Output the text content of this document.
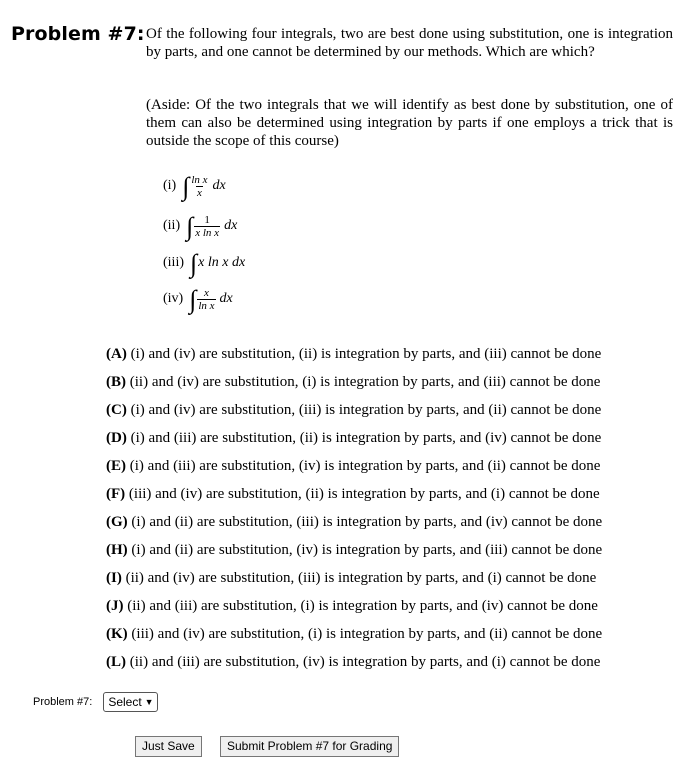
Problem #7: Of the following four integrals, two are best done using substitution, one is integration by parts, and one cannot be determined by our methods. Which are which?
(Aside: Of the two integrals that we will identify as best done by substitution, one of them can also be determined using integration by parts if one employs a trick that is outside the scope of this course)
(i) ∫ $\frac{\text{ln x}}{x}$ dx
(ii) ∫ $\frac{1}{\text{x ln x}}$ dx
(iii) ∫ x ln x dx
(iv) ∫ $\frac{x}{\text{ln x}}$ dx
(A) (i) and (iv) are substitution, (ii) is integration by parts, and (iii) cannot be done
(B) (ii) and (iv) are substitution, (i) is integration by parts, and (iii) cannot be done
(C) (i) and (iv) are substitution, (iii) is integration by parts, and (ii) cannot be done
(D) (i) and (iii) are substitution, (ii) is integration by parts, and (iv) cannot be done
(E) (i) and (iii) are substitution, (iv) is integration by parts, and (ii) cannot be done
(F) (iii) and (iv) are substitution, (ii) is integration by parts, and (i) cannot be done
(G) (i) and (ii) are substitution, (iii) is integration by parts, and (iv) cannot be done
(H) (i) and (ii) are substitution, (iv) is integration by parts, and (iii) cannot be done
(I) (ii) and (iv) are substitution, (iii) is integration by parts, and (i) cannot be done
(J) (ii) and (iii) are substitution, (i) is integration by parts, and (iv) cannot be done
(K) (iii) and (iv) are substitution, (i) is integration by parts, and (ii) cannot be done
(L) (ii) and (iii) are substitution, (iv) is integration by parts, and (i) cannot be done
Problem #7: Select ▼
Just Save	Submit Problem #7 for Grading
